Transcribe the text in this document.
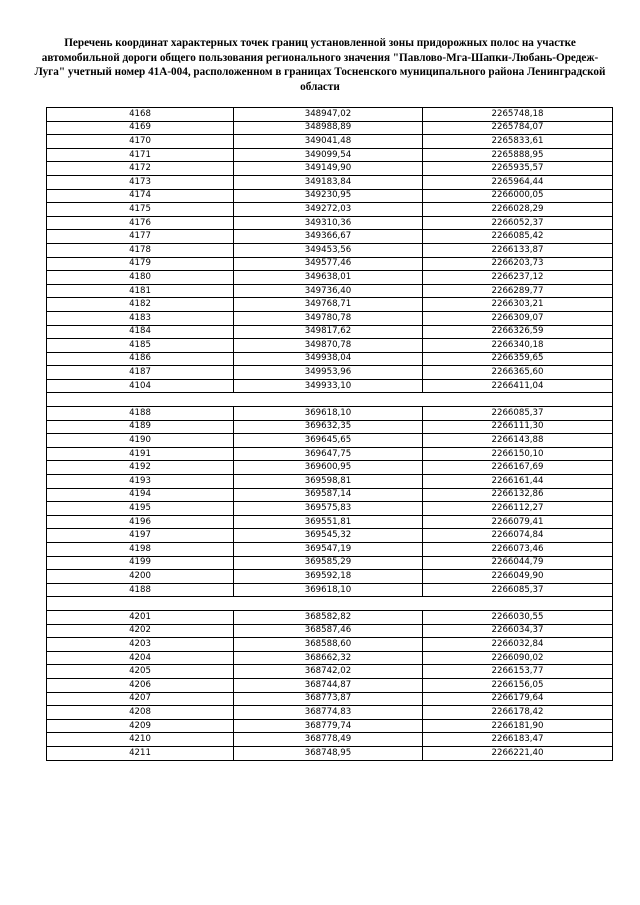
Перечень координат характерных точек границ установленной зоны придорожных полос на участке автомобильной дороги общего пользования регионального значения "Павлово-Мга-Шапки-Любань-Оредеж-Луга" учетный номер 41А-004, расположенном в границах Тосненского муниципального района Ленинградской области
4168	348947,02	2265748,18
4169	348988,89	2265784,07
4170	349041,48	2265833,61
4171	349099,54	2265888,95
4172	349149,90	2265935,57
4173	349183,84	2265964,44
4174	349230,95	2266000,05
4175	349272,03	2266028,29
4176	349310,36	2266052,37
4177	349366,67	2266085,42
4178	349453,56	2266133,87
4179	349577,46	2266203,73
4180	349638,01	2266237,12
4181	349736,40	2266289,77
4182	349768,71	2266303,21
4183	349780,78	2266309,07
4184	349817,62	2266326,59
4185	349870,78	2266340,18
4186	349938,04	2266359,65
4187	349953,96	2266365,60
4104	349933,10	2266411,04

4188	369618,10	2266085,37
4189	369632,35	2266111,30
4190	369645,65	2266143,88
4191	369647,75	2266150,10
4192	369600,95	2266167,69
4193	369598,81	2266161,44
4194	369587,14	2266132,86
4195	369575,83	2266112,27
4196	369551,81	2266079,41
4197	369545,32	2266074,84
4198	369547,19	2266073,46
4199	369585,29	2266044,79
4200	369592,18	2266049,90
4188	369618,10	2266085,37

4201	368582,82	2266030,55
4202	368587,46	2266034,37
4203	368588,60	2266032,84
4204	368662,32	2266090,02
4205	368742,02	2266153,77
4206	368744,87	2266156,05
4207	368773,87	2266179,64
4208	368774,83	2266178,42
4209	368779,74	2266181,90
4210	368778,49	2266183,47
4211	368748,95	2266221,40
